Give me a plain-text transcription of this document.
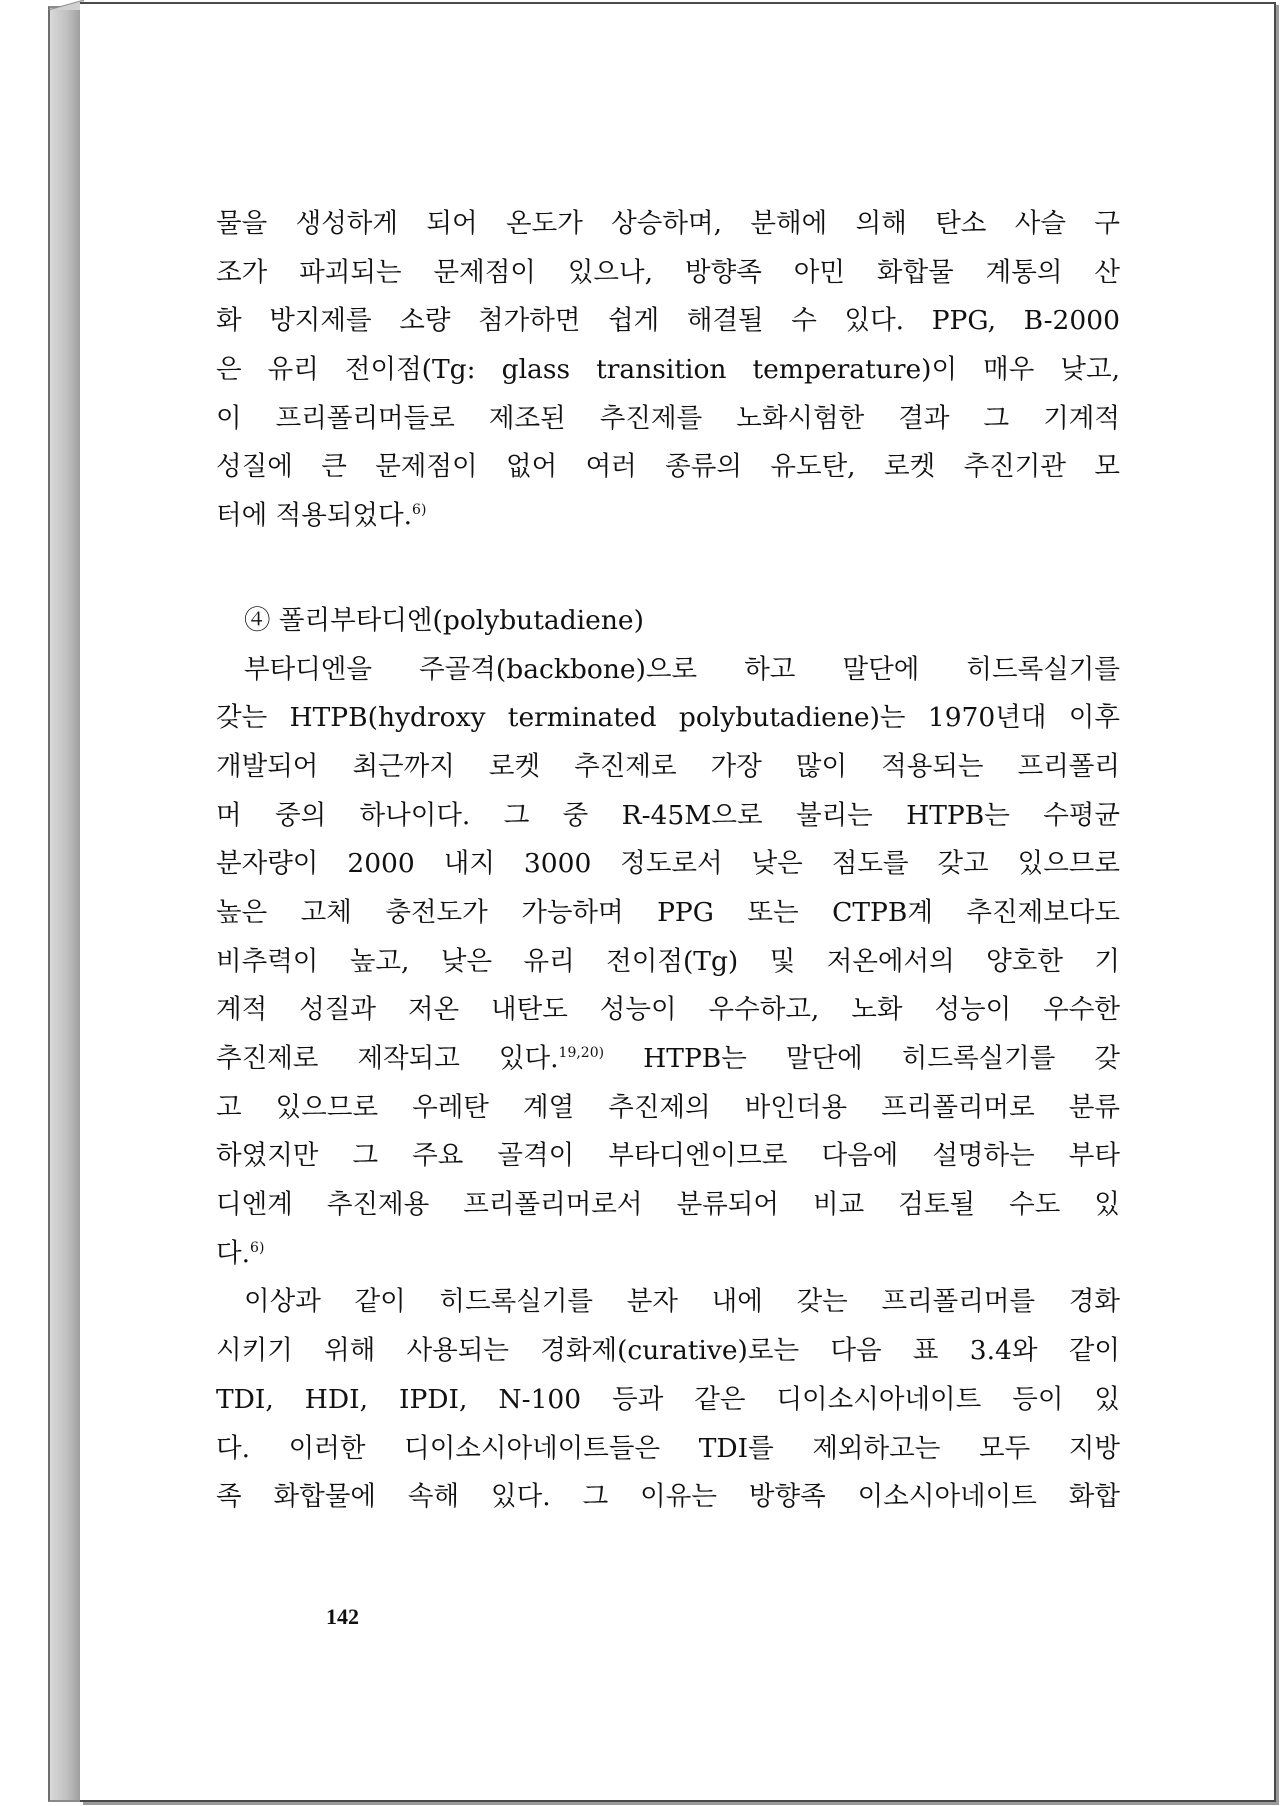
물을 생성하게 되어 온도가 상승하며, 분해에 의해 탄소 사슬 구
조가 파괴되는 문제점이 있으나, 방향족 아민 화합물 계통의 산
화 방지제를 소량 첨가하면 쉽게 해결될 수 있다. PPG, B-2000
은 유리 전이점(Tg: glass transition temperature)이 매우 낮고,
이 프리폴리머들로 제조된 추진제를 노화시험한 결과 그 기계적
성질에 큰 문제점이 없어 여러 종류의 유도탄, 로켓 추진기관 모
터에 적용되었다.$^{6)}$
④ 폴리부타디엔(polybutadiene)
부타디엔을 주골격(backbone)으로 하고 말단에 히드록실기를
갖는 HTPB(hydroxy terminated polybutadiene)는 1970년대 이후
개발되어 최근까지 로켓 추진제로 가장 많이 적용되는 프리폴리
머 중의 하나이다. 그 중 R-45M으로 불리는 HTPB는 수평균
분자량이 2000 내지 3000 정도로서 낮은 점도를 갖고 있으므로
높은 고체 충전도가 가능하며 PPG 또는 CTPB계 추진제보다도
비추력이 높고, 낮은 유리 전이점(Tg) 및 저온에서의 양호한 기
계적 성질과 저온 내탄도 성능이 우수하고, 노화 성능이 우수한
추진제로 제작되고 있다.$^{19,20)}$ HTPB는 말단에 히드록실기를 갖
고 있으므로 우레탄 계열 추진제의 바인더용 프리폴리머로 분류
하였지만 그 주요 골격이 부타디엔이므로 다음에 설명하는 부타
디엔계 추진제용 프리폴리머로서 분류되어 비교 검토될 수도 있
다.$^{6)}$
이상과 같이 히드록실기를 분자 내에 갖는 프리폴리머를 경화
시키기 위해 사용되는 경화제(curative)로는 다음 표 3.4와 같이
TDI, HDI, IPDI, N-100 등과 같은 디이소시아네이트 등이 있
다. 이러한 디이소시아네이트들은 TDI를 제외하고는 모두 지방
족 화합물에 속해 있다. 그 이유는 방향족 이소시아네이트 화합
142
